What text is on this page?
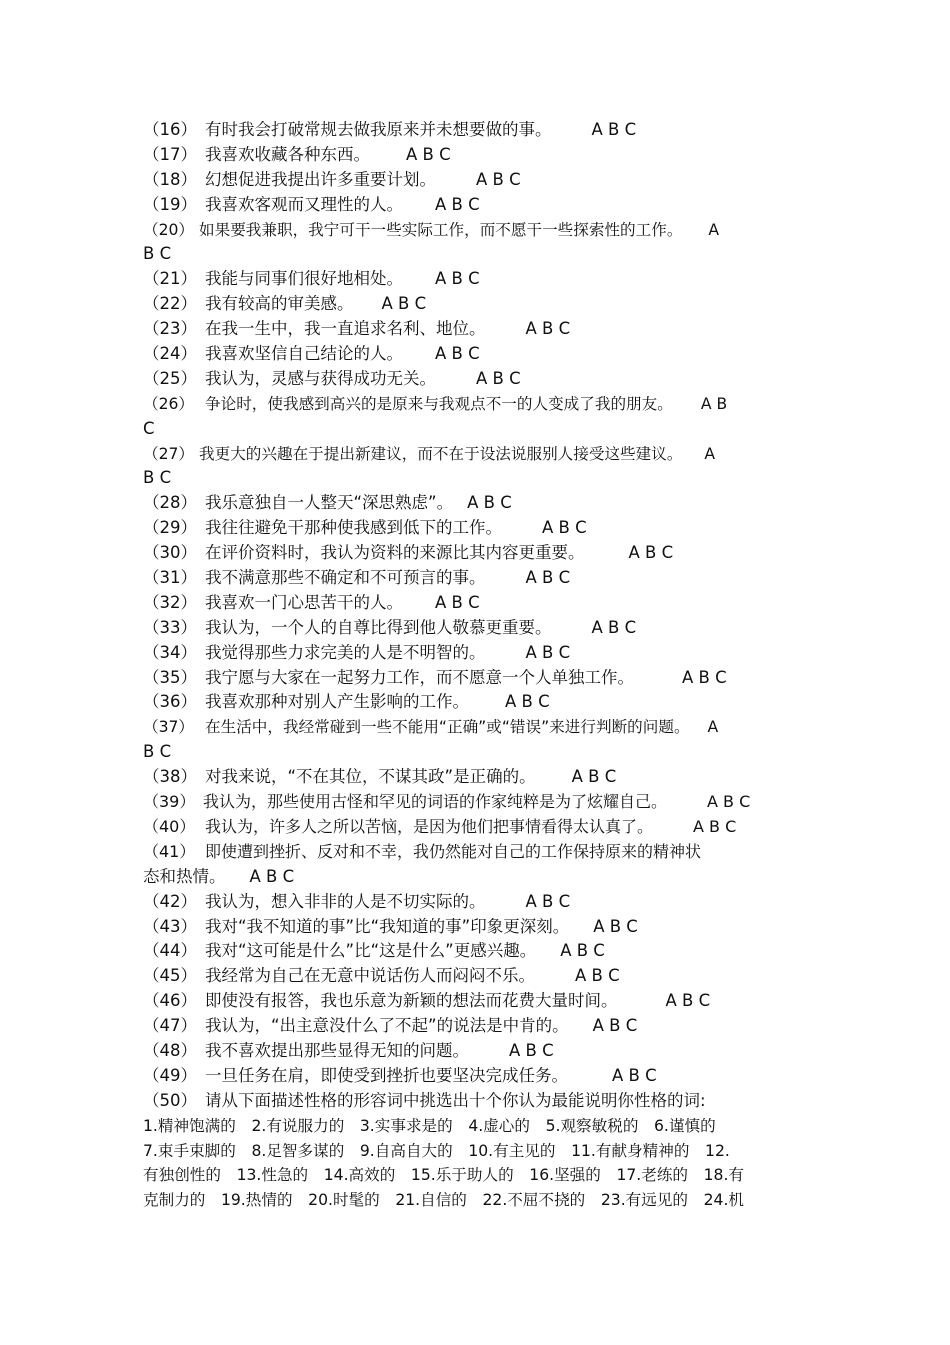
（16） 有时我会打破常规去做我原来并未想要做的事。 A B C
（17） 我喜欢收藏各种东西。 A B C
（18） 幻想促进我提出许多重要计划。 A B C
（19） 我喜欢客观而又理性的人。 A B C
（20） 如果要我兼职，我宁可干一些实际工作，而不愿干一些探索性的工作。 A
B C
（21） 我能与同事们很好地相处。 A B C
（22） 我有较高的审美感。 A B C
（23） 在我一生中，我一直追求名利、地位。 A B C
（24） 我喜欢坚信自己结论的人。 A B C
（25） 我认为，灵感与获得成功无关。 A B C
（26） 争论时，使我感到高兴的是原来与我观点不一的人变成了我的朋友。 A B
C
（27） 我更大的兴趣在于提出新建议，而不在于设法说服别人接受这些建议。 A
B C
（28） 我乐意独自一人整天“深思熟虑”。 A B C
（29） 我往往避免干那种使我感到低下的工作。 A B C
（30） 在评价资料时，我认为资料的来源比其内容更重要。	A B C
（31） 我不满意那些不确定和不可预言的事。 A B C
（32） 我喜欢一门心思苦干的人。 A B C
（33） 我认为，一个人的自尊比得到他人敬慕更重要。 A B C
（34） 我觉得那些力求完美的人是不明智的。 A B C
（35） 我宁愿与大家在一起努力工作，而不愿意一个人单独工作。	A B C
（36） 我喜欢那种对别人产生影响的工作。 A B C
（37） 在生活中，我经常碰到一些不能用“正确”或“错误”来进行判断的问题。 A
B C
（38） 对我来说，“不在其位，不谋其政”是正确的。 A B C
（39） 我认为，那些使用古怪和罕见的词语的作家纯粹是为了炫耀自己。	A B C
（40） 我认为，许多人之所以苦恼，是因为他们把事情看得太认真了。	A B C
（41） 即使遭到挫折、反对和不幸，我仍然能对自己的工作保持原来的精神状
态和热情。 A B C
（42） 我认为，想入非非的人是不切实际的。 A B C
（43） 我对“我不知道的事”比“我知道的事”印象更深刻。 A B C
（44） 我对“这可能是什么”比“这是什么”更感兴趣。 A B C
（45） 我经常为自己在无意中说话伤人而闷闷不乐。 A B C
（46） 即使没有报答，我也乐意为新颖的想法而花费大量时间。	A B C
（47） 我认为，“出主意没什么了不起”的说法是中肯的。 A B C
（48） 我不喜欢提出那些显得无知的问题。 A B C
（49） 一旦任务在肩，即使受到挫折也要坚决完成任务。	A B C
（50） 请从下面描述性格的形容词中挑选出十个你认为最能说明你性格的词:
1.精神饱满的　2.有说服力的　3.实事求是的　4.虚心的　5.观察敏税的　6.谨慎的
7.束手束脚的　8.足智多谋的　9.自高自大的　10.有主见的　11.有献身精神的　12.
有独创性的　13.性急的　14.高效的　15.乐于助人的　16.坚强的　17.老练的　18.有
克制力的　19.热情的　20.时髦的　21.自信的　22.不屈不挠的　23.有远见的　24.机
